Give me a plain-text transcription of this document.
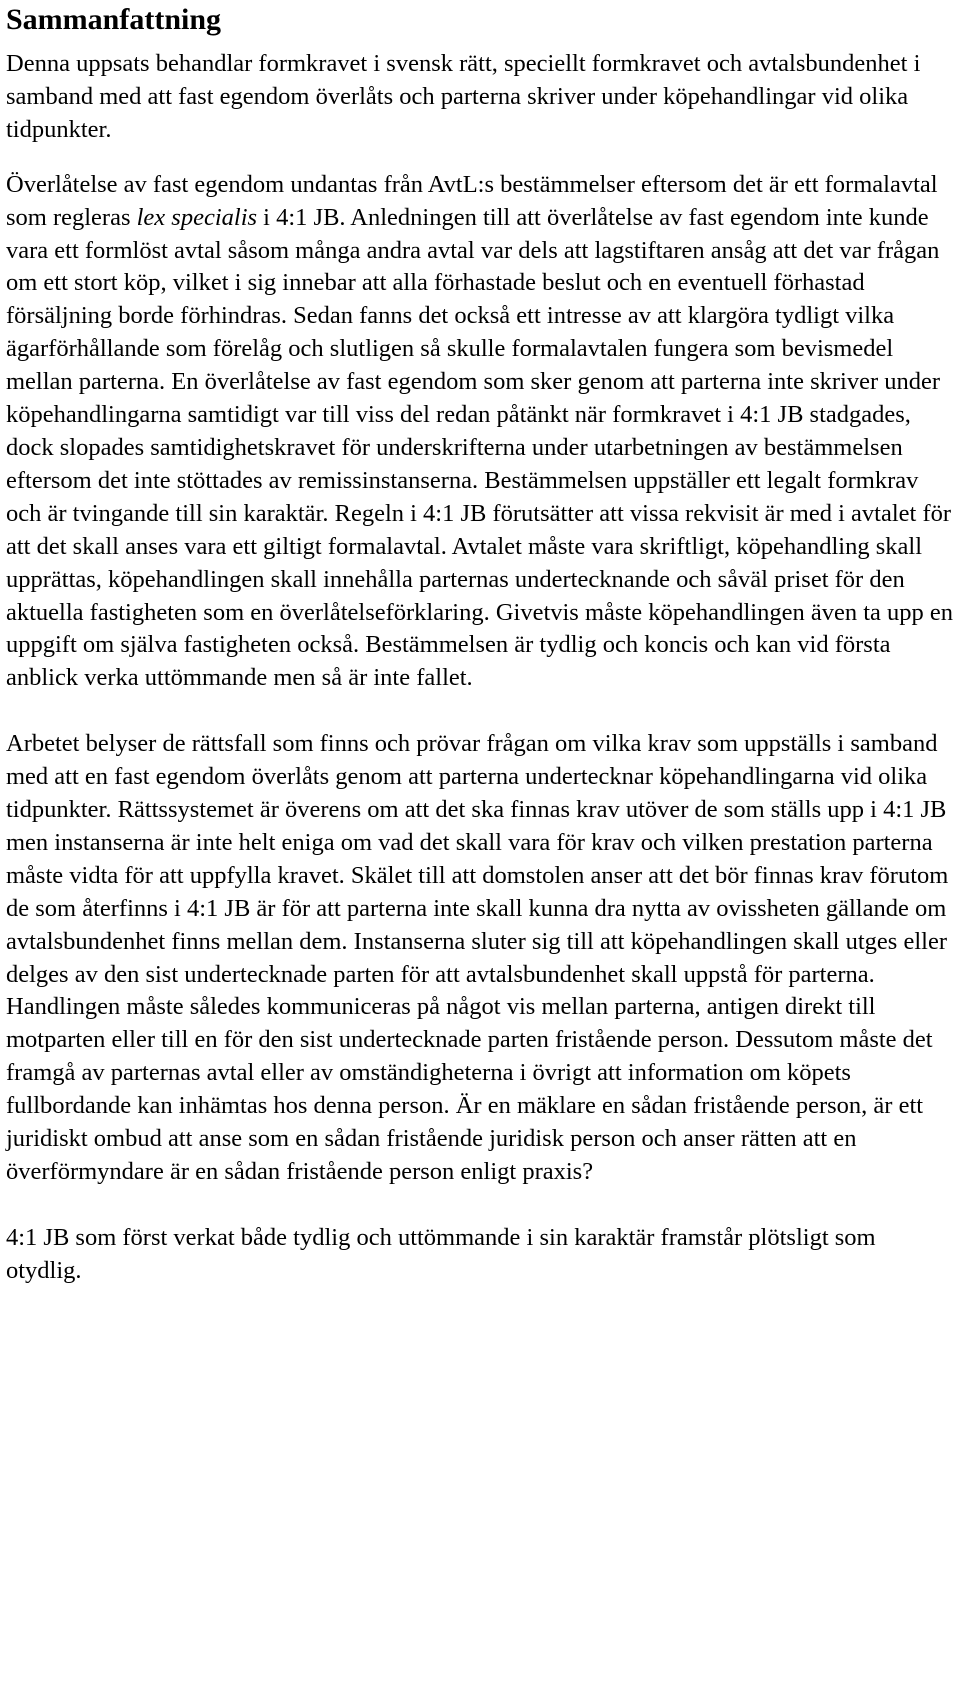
Sammanfattning

Denna uppsats behandlar formkravet i svensk rätt, speciellt formkravet och avtalsbundenhet i samband med att fast egendom överlåts och parterna skriver under köpehandlingar vid olika tidpunkter.

Överlåtelse av fast egendom undantas från AvtL:s bestämmelser eftersom det är ett formalavtal som regleras lex specialis i 4:1 JB. Anledningen till att överlåtelse av fast egendom inte kunde vara ett formlöst avtal såsom många andra avtal var dels att lagstiftaren ansåg att det var frågan om ett stort köp, vilket i sig innebar att alla förhastade beslut och en eventuell förhastad försäljning borde förhindras. Sedan fanns det också ett intresse av att klargöra tydligt vilka ägarförhållande som förelåg och slutligen så skulle formalavtalen fungera som bevismedel mellan parterna. En överlåtelse av fast egendom som sker genom att parterna inte skriver under köpehandlingarna samtidigt var till viss del redan påtänkt när formkravet i 4:1 JB stadgades, dock slopades samtidighetskravet för underskrifterna under utarbetningen av bestämmelsen eftersom det inte stöttades av remissinstanserna. Bestämmelsen uppställer ett legalt formkrav och är tvingande till sin karaktär. Regeln i 4:1 JB förutsätter att vissa rekvisit är med i avtalet för att det skall anses vara ett giltigt formalavtal. Avtalet måste vara skriftligt, köpehandling skall upprättas, köpehandlingen skall innehålla parternas undertecknande och såväl priset för den aktuella fastigheten som en överlåtelseförklaring. Givetvis måste köpehandlingen även ta upp en uppgift om själva fastigheten också. Bestämmelsen är tydlig och koncis och kan vid första anblick verka uttömmande men så är inte fallet.

Arbetet belyser de rättsfall som finns och prövar frågan om vilka krav som uppställs i samband med att en fast egendom överlåts genom att parterna undertecknar köpehandlingarna vid olika tidpunkter. Rättssystemet är överens om att det ska finnas krav utöver de som ställs upp i 4:1 JB men instanserna är inte helt eniga om vad det skall vara för krav och vilken prestation parterna måste vidta för att uppfylla kravet. Skälet till att domstolen anser att det bör finnas krav förutom de som återfinns i 4:1 JB är för att parterna inte skall kunna dra nytta av ovissheten gällande om avtalsbundenhet finns mellan dem. Instanserna sluter sig till att köpehandlingen skall utges eller delges av den sist undertecknade parten för att avtalsbundenhet skall uppstå för parterna. Handlingen måste således kommuniceras på något vis mellan parterna, antigen direkt till motparten eller till en för den sist undertecknade parten fristående person. Dessutom måste det framgå av parternas avtal eller av omständigheterna i övrigt att information om köpets fullbordande kan inhämtas hos denna person. Är en mäklare en sådan fristående person, är ett juridiskt ombud att anse som en sådan fristående juridisk person och anser rätten att en överförmyndare är en sådan fristående person enligt praxis?

4:1 JB som först verkat både tydlig och uttömmande i sin karaktär framstår plötsligt som otydlig.
